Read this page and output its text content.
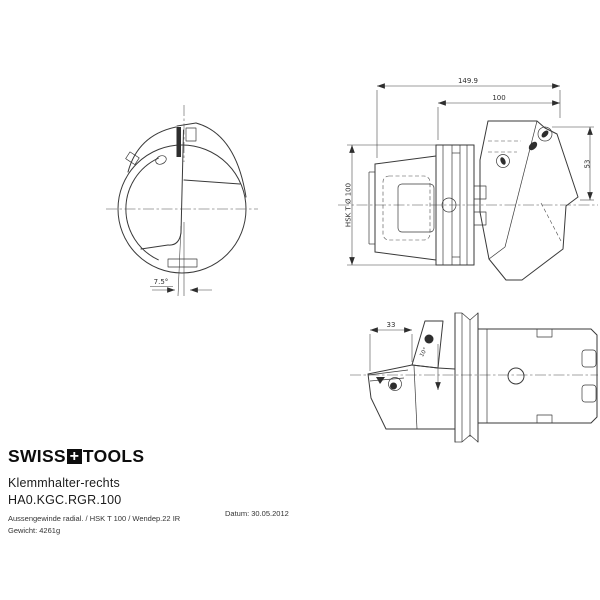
7.5°
149.9
100
53
HSK T Ø 100
33
10°
SWISS + TOOLS
Klemmhalter-rechts
HA0.KGC.RGR.100
Aussengewinde radial. / HSK T 100 / Wendep.22 IR
Gewicht: 4261g
Datum: 30.05.2012
